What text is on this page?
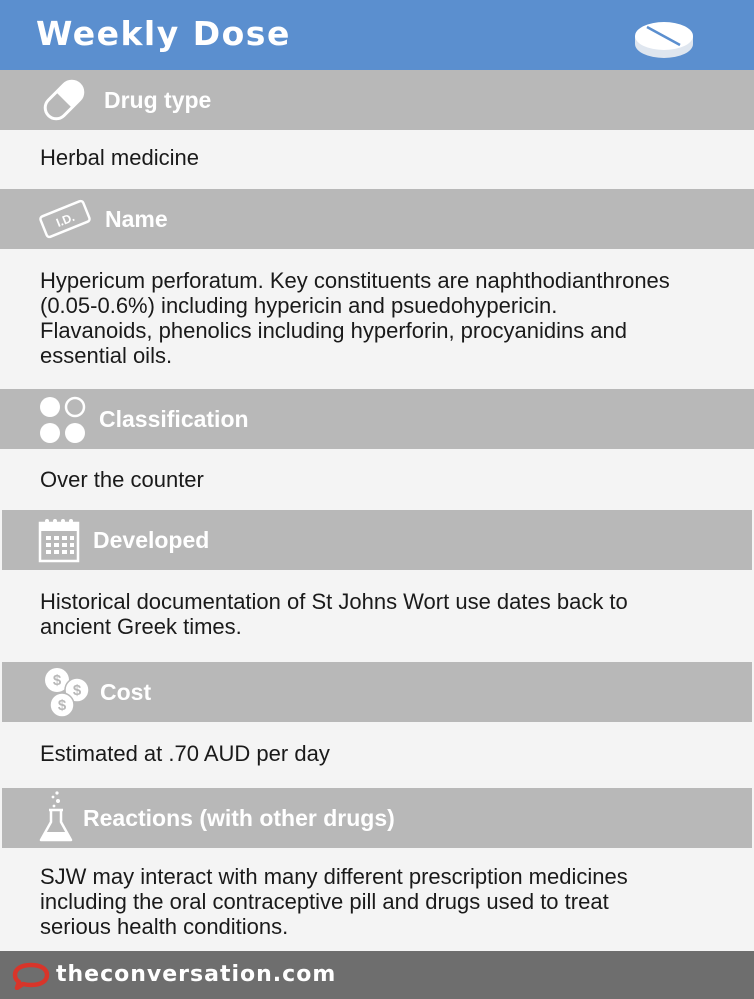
Weekly Dose
Drug type
Herbal medicine
I.D. Name
Hypericum perforatum. Key constituents are naphthodianthrones
(0.05-0.6%) including hypericin and psuedohypericin.
Flavanoids, phenolics including hyperforin, procyanidins and
essential oils.
Classification
Over the counter
Developed
Historical documentation of St Johns Wort use dates back to
ancient Greek times.
$
$
$
Cost
Estimated at .70 AUD per day
Reactions (with other drugs)
SJW may interact with many different prescription medicines
including the oral contraceptive pill and drugs used to treat
serious health conditions.
theconversation.com
